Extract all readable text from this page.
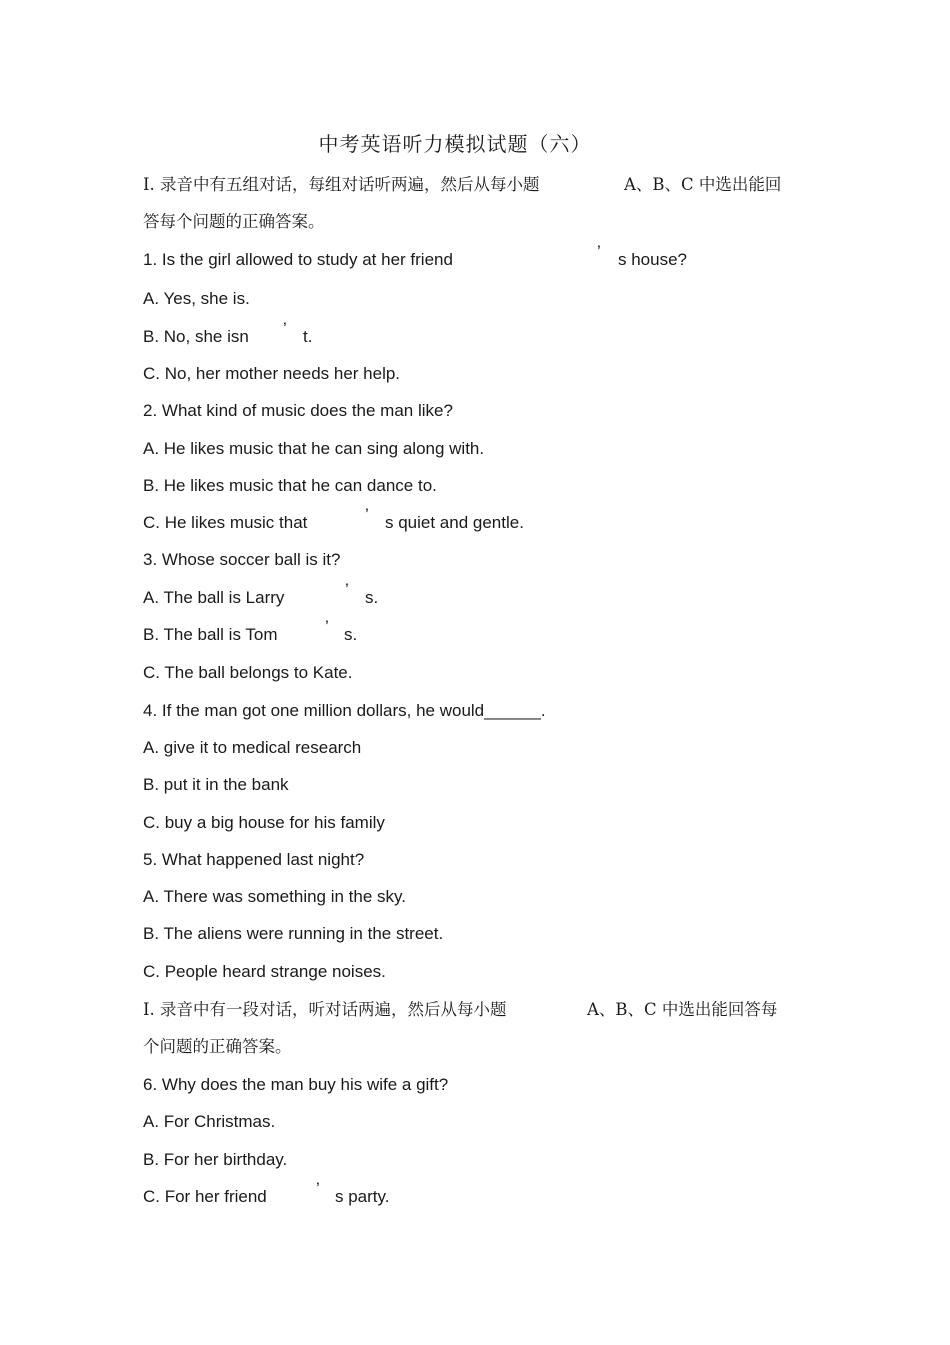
中考英语听力模拟试题（六）
Ⅰ. 录音中有五组对话，每组对话听两遍，然后从每小题	A、B、C 中选出能回
答每个问题的正确答案。
1. Is the girl allowed to study at her friend	’ s house?
A. Yes, she is.
B. No, she isn ’ t.
C. No, her mother needs her help.
2. What kind of music does the man like?
A. He likes music that he can sing along with.
B. He likes music that he can dance to.
C. He likes music that	’ s quiet and gentle.
3. Whose soccer ball is it?
A. The ball is Larry	’ s.
B. The ball is Tom	’ s.
C. The ball belongs to Kate.
4. If the man got one million dollars, he would______.
A. give it to medical research
B. put it in the bank
C. buy a big house for his family
5. What happened last night?
A. There was something in the sky.
B. The aliens were running in the street.
C. People heard strange noises.
Ⅰ. 录音中有一段对话，听对话两遍，然后从每小题	A、B、C 中选出能回答每
个问题的正确答案。
6. Why does the man buy his wife a gift?
A. For Christmas.
B. For her birthday.
C. For her friend	’ s party.
